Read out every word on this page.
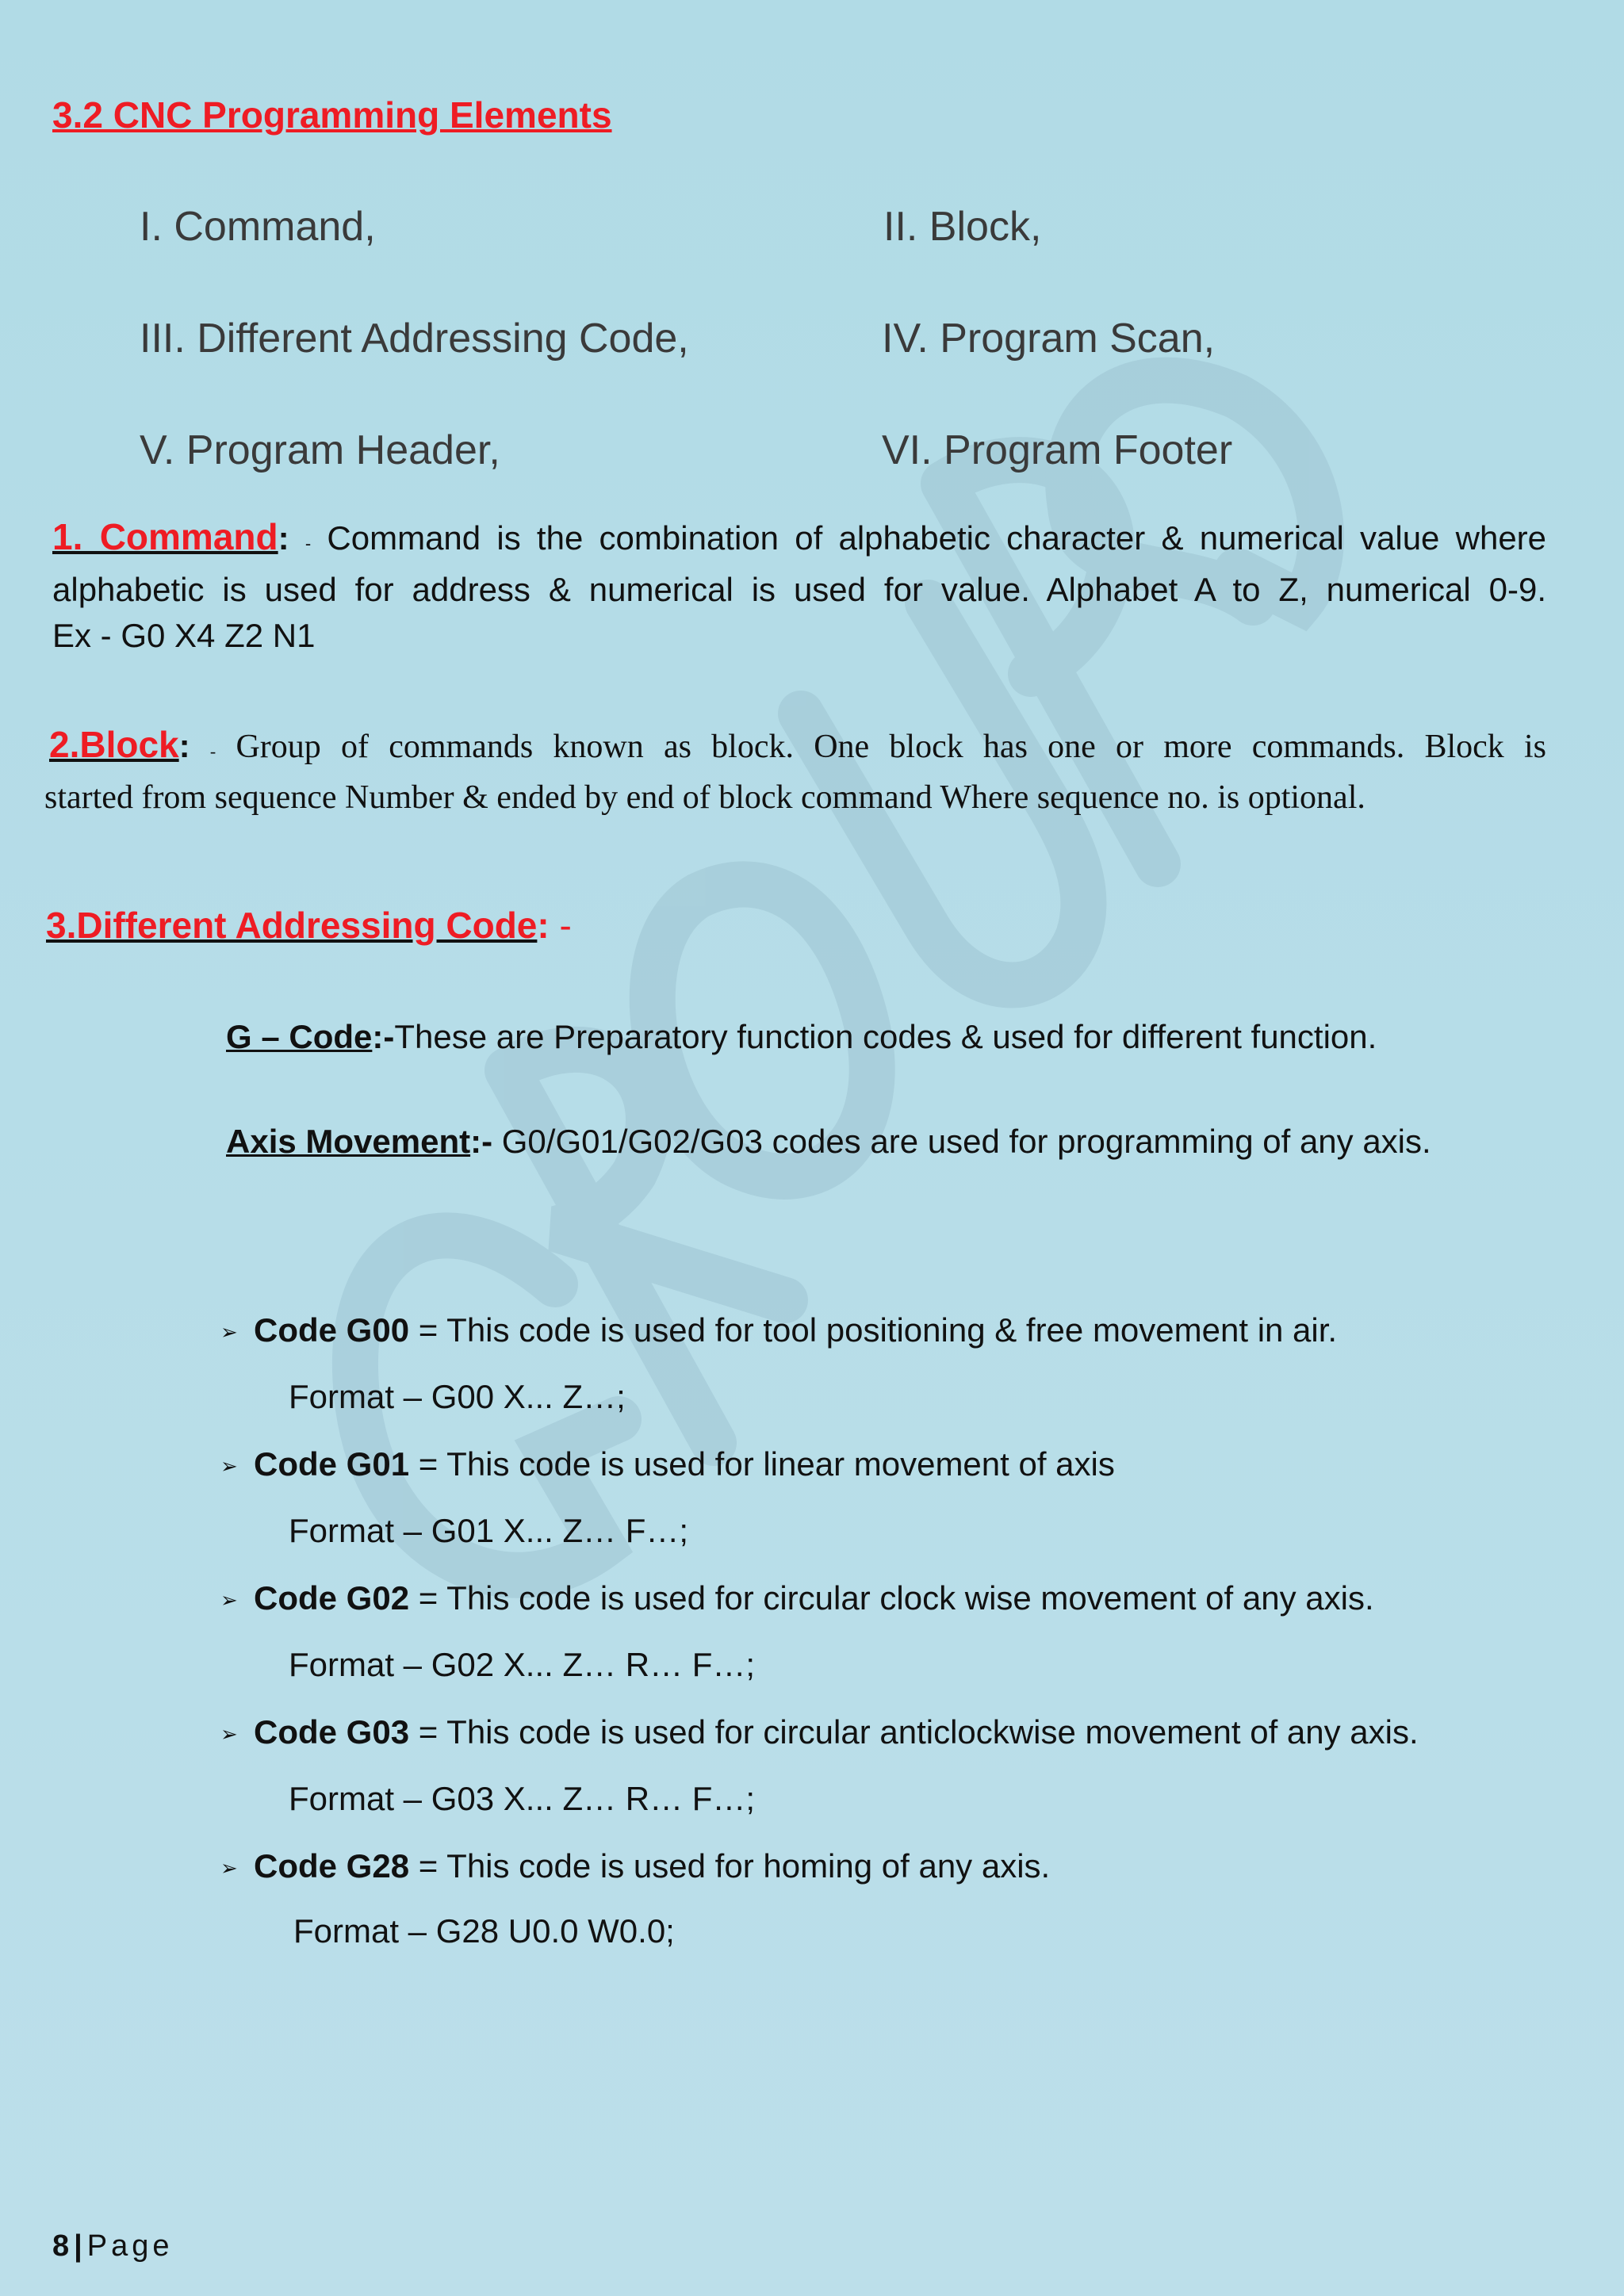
3.2 CNC Programming Elements
I. Command,	II. Block,
III. Different Addressing Code,	IV. Program Scan,
V. Program Header,	VI. Program Footer
1. Command: - Command is the combination of alphabetic character & numerical value where
alphabetic is used for address & numerical is used for value. Alphabet A to Z, numerical 0-9.
Ex - G0 X4 Z2 N1
2.Block: - Group of commands known as block. One block has one or more commands. Block is
started from sequence Number & ended by end of block command Where sequence no. is optional.
3.Different Addressing Code: -
G – Code:-These are Preparatory function codes & used for different function.
Axis Movement:- G0/G01/G02/G03 codes are used for programming of any axis.
➢ Code G00 = This code is used for tool positioning & free movement in air.
Format – G00 X... Z…;
➢ Code G01 = This code is used for linear movement of axis
Format – G01 X... Z… F…;
➢ Code G02 = This code is used for circular clock wise movement of any axis.
Format – G02 X... Z… R… F…;
➢ Code G03 = This code is used for circular anticlockwise movement of any axis.
Format – G03 X... Z… R… F…;
➢ Code G28 = This code is used for homing of any axis.
Format – G28 U0.0 W0.0;
8 | Page
